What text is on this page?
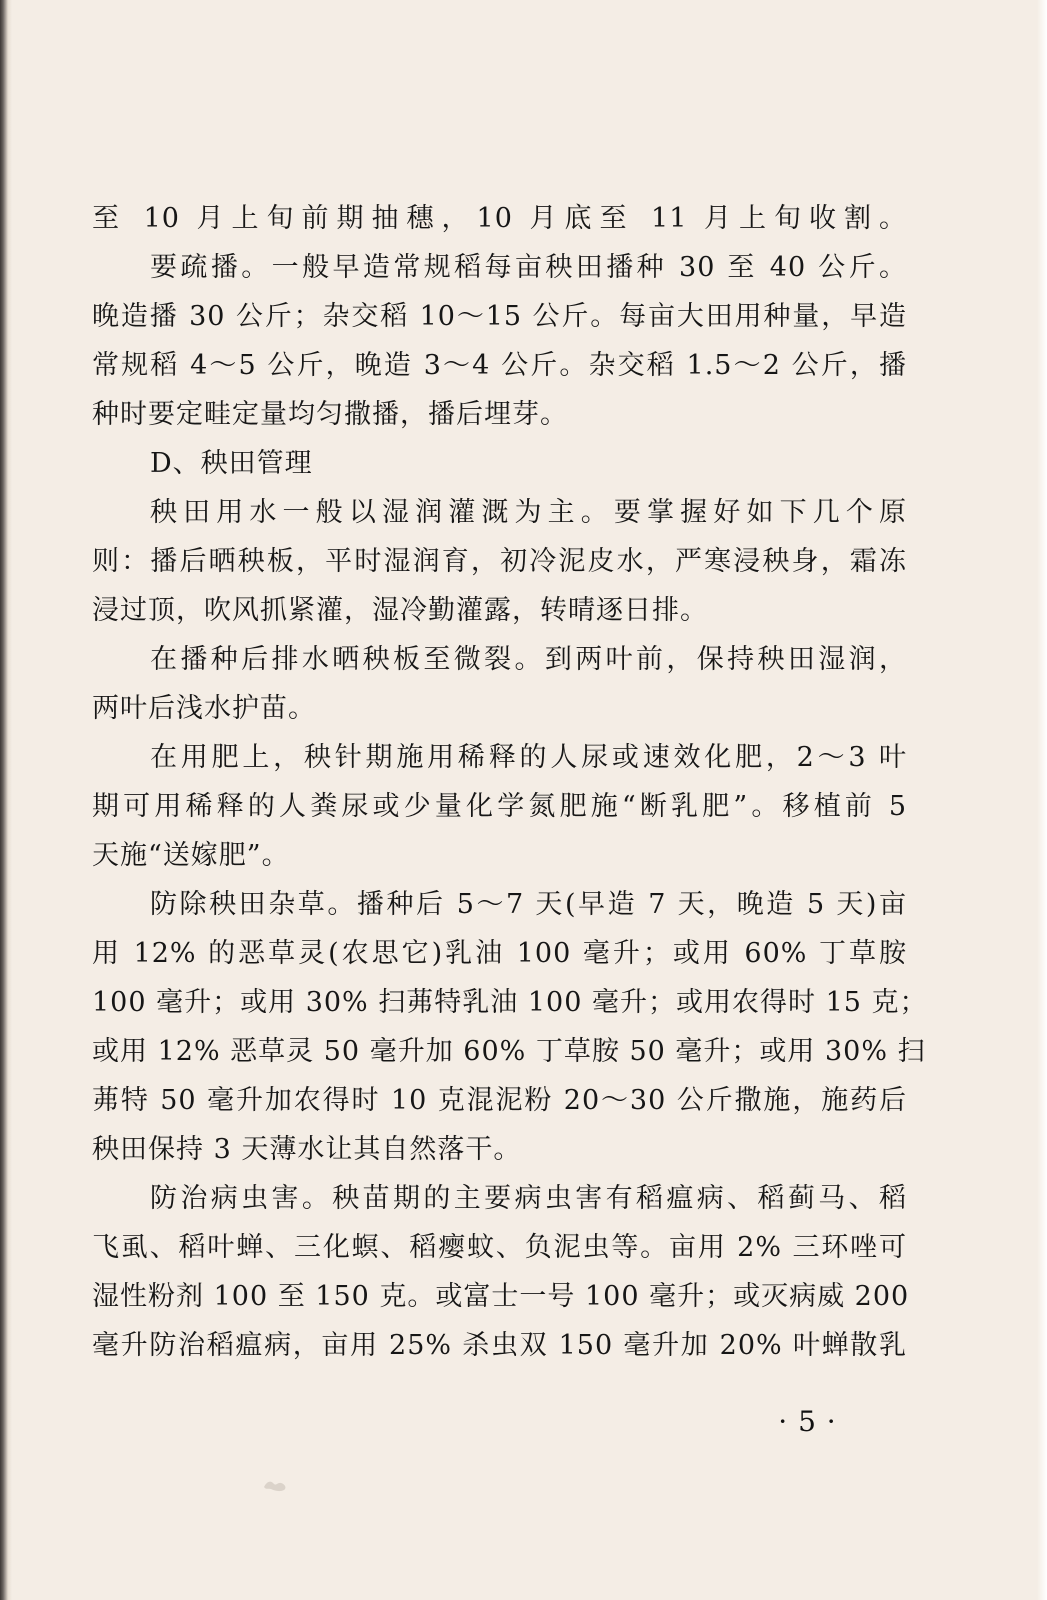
至 10 月上旬前期抽穗，10 月底至 11 月上旬收割。
要疏播。一般早造常规稻每亩秧田播种 30 至 40 公斤。
晚造播 30 公斤；杂交稻 10～15 公斤。每亩大田用种量，早造
常规稻 4～5 公斤，晚造 3～4 公斤。杂交稻 1.5～2 公斤，播
种时要定畦定量均匀撒播，播后埋芽。
D、秧田管理
秧田用水一般以湿润灌溉为主。要掌握好如下几个原
则：播后晒秧板，平时湿润育，初冷泥皮水，严寒浸秧身，霜冻
浸过顶，吹风抓紧灌，湿冷勤灌露，转晴逐日排。
在播种后排水晒秧板至微裂。到两叶前，保持秧田湿润，
两叶后浅水护苗。
在用肥上，秧针期施用稀释的人尿或速效化肥，2～3 叶
期可用稀释的人粪尿或少量化学氮肥施“断乳肥”。移植前 5
天施“送嫁肥”。
防除秧田杂草。播种后 5～7 天(早造 7 天，晚造 5 天)亩
用 12% 的恶草灵(农思它)乳油 100 毫升；或用 60% 丁草胺
100 毫升；或用 30% 扫茀特乳油 100 毫升；或用农得时 15 克；
或用 12% 恶草灵 50 毫升加 60% 丁草胺 50 毫升；或用 30% 扫
茀特 50 毫升加农得时 10 克混泥粉 20～30 公斤撒施，施药后
秧田保持 3 天薄水让其自然落干。
防治病虫害。秧苗期的主要病虫害有稻瘟病、稻蓟马、稻
飞虱、稻叶蝉、三化螟、稻瘿蚊、负泥虫等。亩用 2% 三环唑可
湿性粉剂 100 至 150 克。或富士一号 100 毫升；或灭病威 200
毫升防治稻瘟病，亩用 25% 杀虫双 150 毫升加 20% 叶蝉散乳
· 5 ·
